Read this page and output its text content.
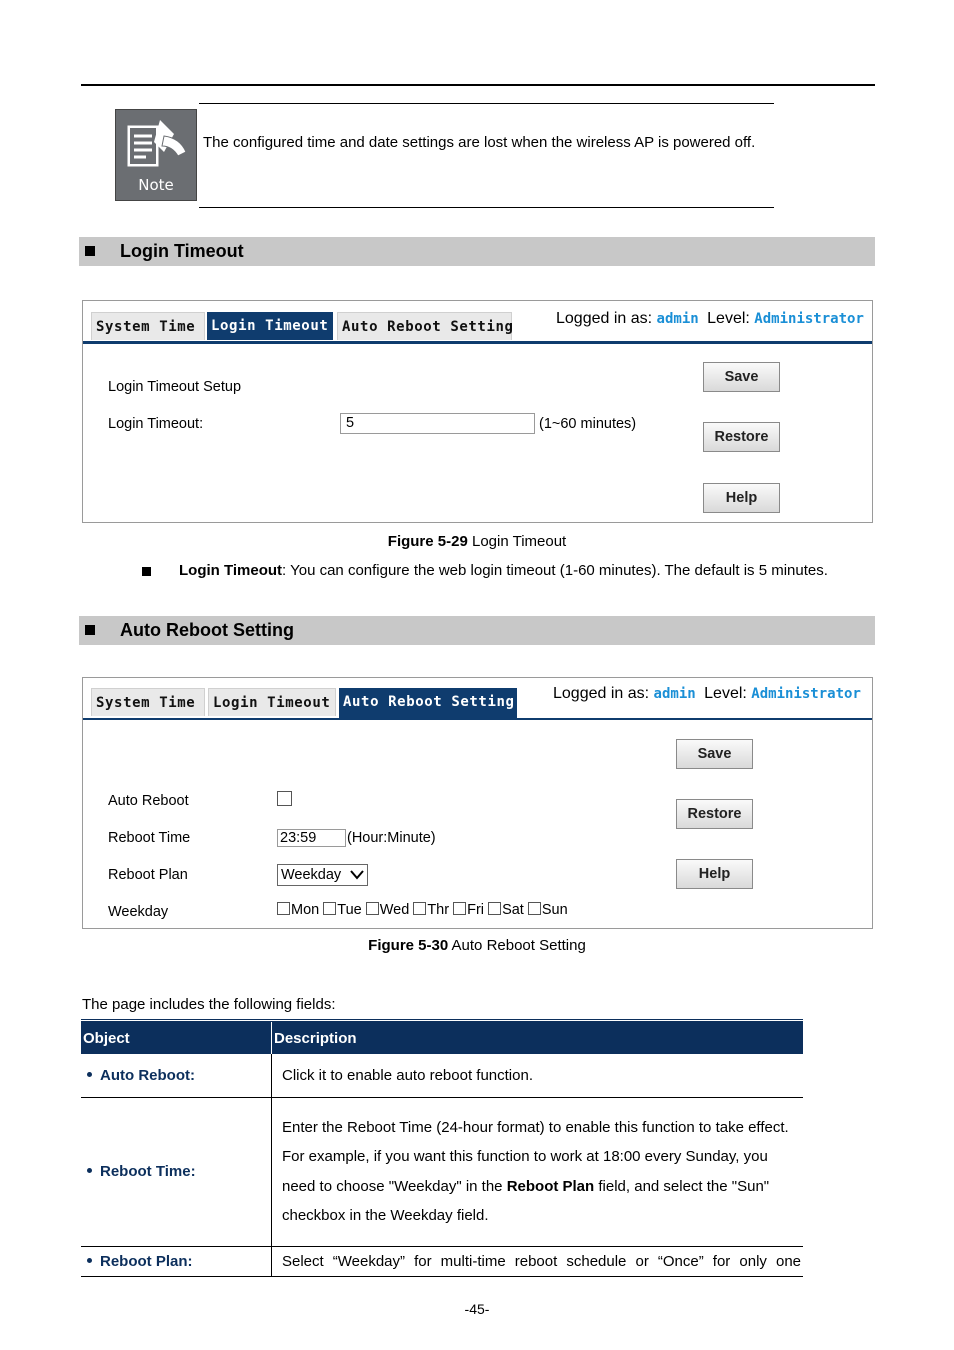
Note
The configured time and date settings are lost when the wireless AP is powered off.
Login Timeout
System Time	Login Timeout Auto Reboot Setting	Logged in as: admin Level: Administrator
Login Timeout Setup
Login Timeout:	5	(1~60 minutes)
Save
Restore
Help
Figure 5-29 Login Timeout
Login Timeout: You can configure the web login timeout (1-60 minutes). The default is 5 minutes.
Auto Reboot Setting
System Time	Login Timeout Auto Reboot Setting Logged in as: admin Level: Administrator
Auto Reboot
Reboot Time	23:59	(Hour:Minute)
Reboot Plan	Weekday
Weekday	Mon Tue Wed Thr Fri Sat Sun
Save
Restore
Help
Figure 5-30 Auto Reboot Setting
The page includes the following fields:
Object	Description
Auto Reboot:	Click it to enable auto reboot function.
Reboot Time:	Enter the Reboot Time (24-hour format) to enable this function to take effect.
For example, if you want this function to work at 18:00 every Sunday, you need to choose "Weekday" in the Reboot Plan field, and select the "Sun" checkbox in the Weekday field.

Reboot Plan:	Select “Weekday” for multi-time reboot schedule or “Once” for only one
-45-
